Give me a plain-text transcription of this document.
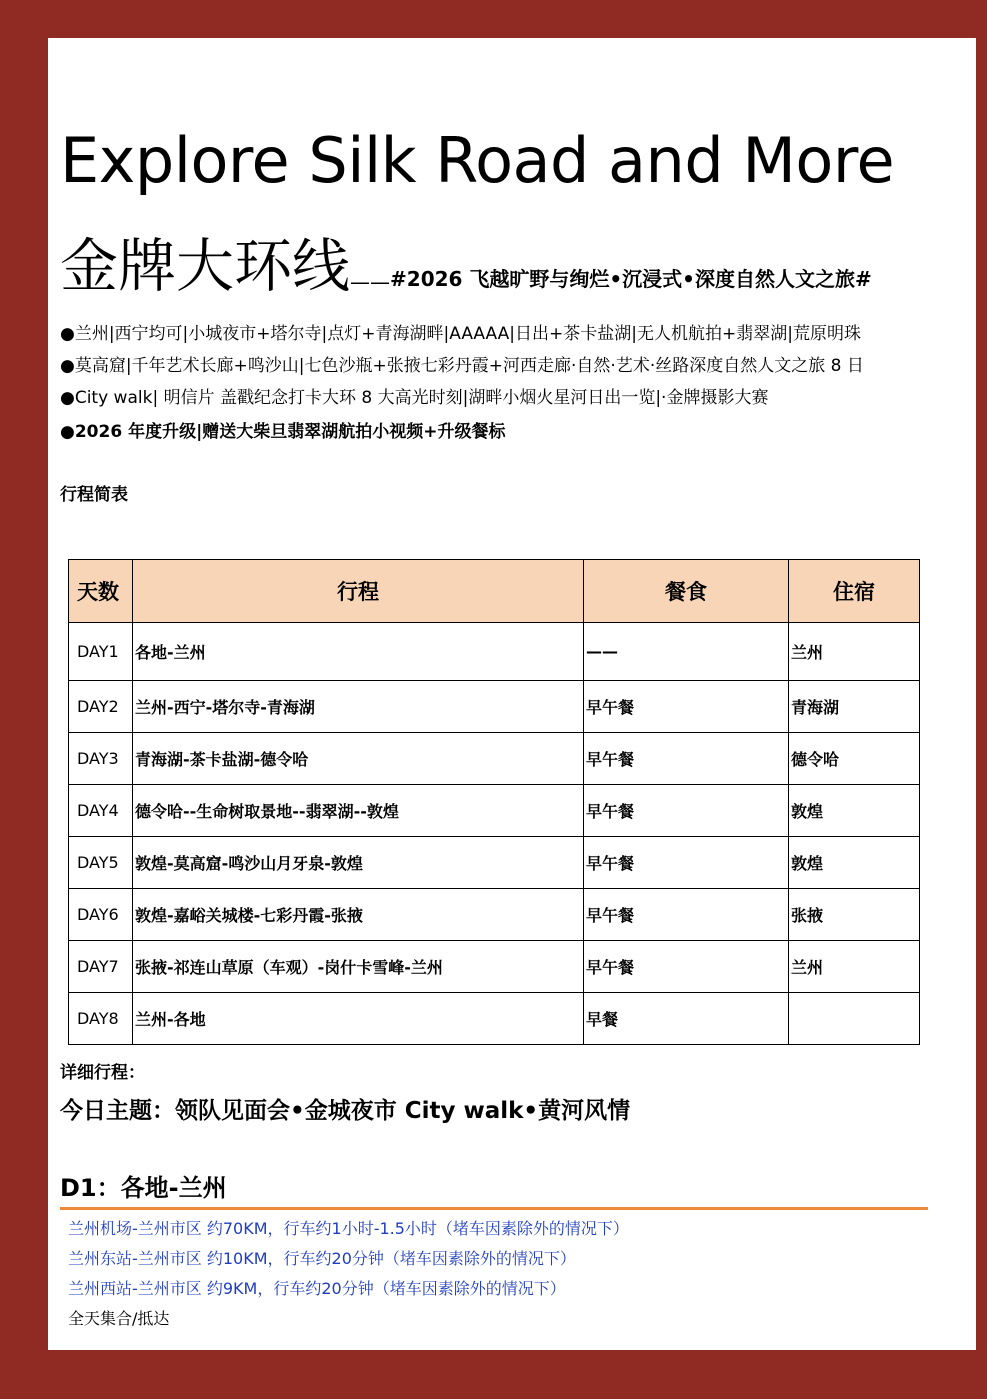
Explore Silk Road and More
金牌大环线——#2026 飞越旷野与绚烂•沉浸式•深度自然人文之旅#
●兰州|西宁均可|小城夜市+塔尔寺|点灯+青海湖畔|AAAAA|日出+茶卡盐湖|无人机航拍+翡翠湖|荒原明珠
●莫高窟|千年艺术长廊+鸣沙山|七色沙瓶+张掖七彩丹霞+河西走廊·自然·艺术·丝路深度自然人文之旅 8 日
●City walk| 明信片 盖戳纪念打卡大环 8 大高光时刻|湖畔小烟火星河日出一览|·金牌摄影大赛
●2026 年度升级|赠送大柴旦翡翠湖航拍小视频+升级餐标
行程简表
天数	行程	餐食	住宿
DAY1	各地-兰州	——	兰州
DAY2	兰州-西宁-塔尔寺-青海湖	早午餐	青海湖
DAY3	青海湖-茶卡盐湖-德令哈	早午餐	德令哈
DAY4	德令哈--生命树取景地--翡翠湖--敦煌	早午餐	敦煌
DAY5	敦煌-莫高窟-鸣沙山月牙泉-敦煌	早午餐	敦煌
DAY6	敦煌-嘉峪关城楼-七彩丹霞-张掖	早午餐	张掖
DAY7	张掖-祁连山草原（车观）-岗什卡雪峰-兰州	早午餐	兰州
DAY8	兰州-各地	早餐	
详细行程：
今日主题：领队见面会•金城夜市 City walk•黄河风情
D1：各地-兰州
兰州机场-兰州市区 约70KM，行车约1小时-1.5小时（堵车因素除外的情况下）
兰州东站-兰州市区 约10KM，行车约20分钟（堵车因素除外的情况下）
兰州西站-兰州市区 约9KM，行车约20分钟（堵车因素除外的情况下）
全天集合/抵达
